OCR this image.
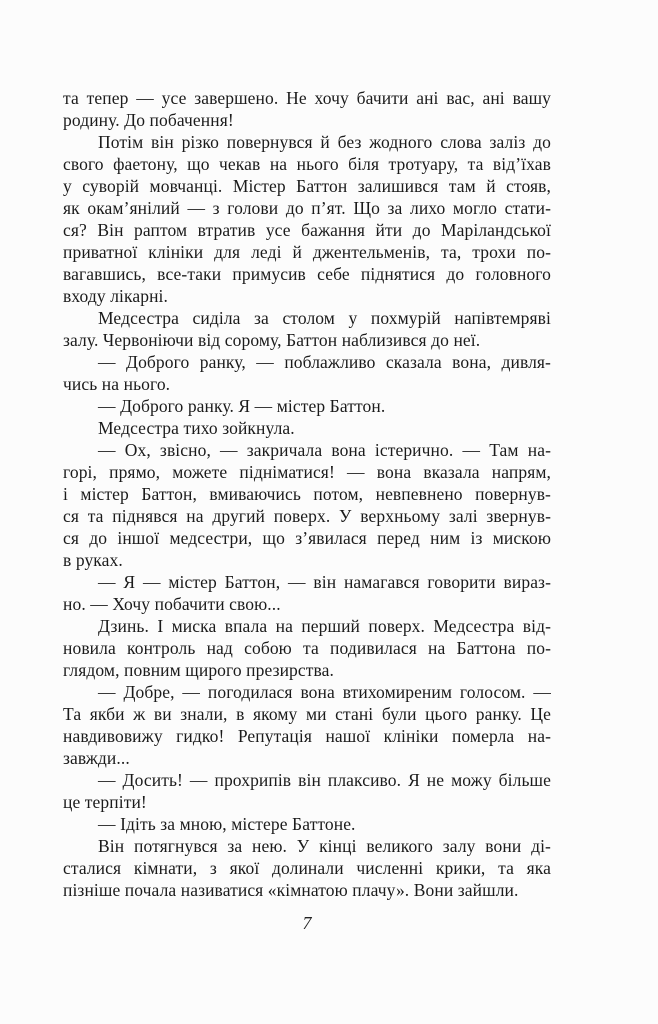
та тепер — усе завершено. Не хочу бачити ані вас, ані вашу
родину. До побачення!

Потім він різко повернувся й без жодного слова заліз до
свого фаетону, що чекав на нього біля тротуару, та від’їхав
у суворій мовчанці. Містер Баттон залишився там й стояв,
як окам’янілий — з голови до п’ят. Що за лихо могло стати-
ся? Він раптом втратив усе бажання йти до Маріландської
приватної клініки для леді й джентельменів, та, трохи по-
вагавшись, все-таки примусив себе піднятися до головного
входу лікарні.

Медсестра сиділа за столом у похмурій напівтемряві
залу. Червоніючи від сорому, Баттон наблизився до неї.

— Доброго ранку, — поблажливо сказала вона, дивля-
чись на нього.

— Доброго ранку. Я — містер Баттон.

Медсестра тихо зойкнула.

— Ох, звісно, — закричала вона істерично. — Там на-
горі, прямо, можете підніматися! — вона вказала напрям,
і містер Баттон, вмиваючись потом, невпевнено повернув-
ся та піднявся на другий поверх. У верхньому залі звернув-
ся до іншої медсестри, що з’явилася перед ним із мискою
в руках.

— Я — містер Баттон, — він намагався говорити вираз-
но. — Хочу побачити свою...

Дзинь. І миска впала на перший поверх. Медсестра від-
новила контроль над собою та подивилася на Баттона по-
глядом, повним щирого презирства.

— Добре, — погодилася вона втихомиреним голосом. —
Та якби ж ви знали, в якому ми стані були цього ранку. Це
навдивовижу гидко! Репутація нашої клініки померла на-
завжди...

— Досить! — прохрипів він плаксиво. Я не можу більше
це терпіти!

— Ідіть за мною, містере Баттоне.

Він потягнувся за нею. У кінці великого залу вони ді-
сталися кімнати, з якої долинали численні крики, та яка
пізніше почала називатися «кімнатою плачу». Вони зайшли.

7
